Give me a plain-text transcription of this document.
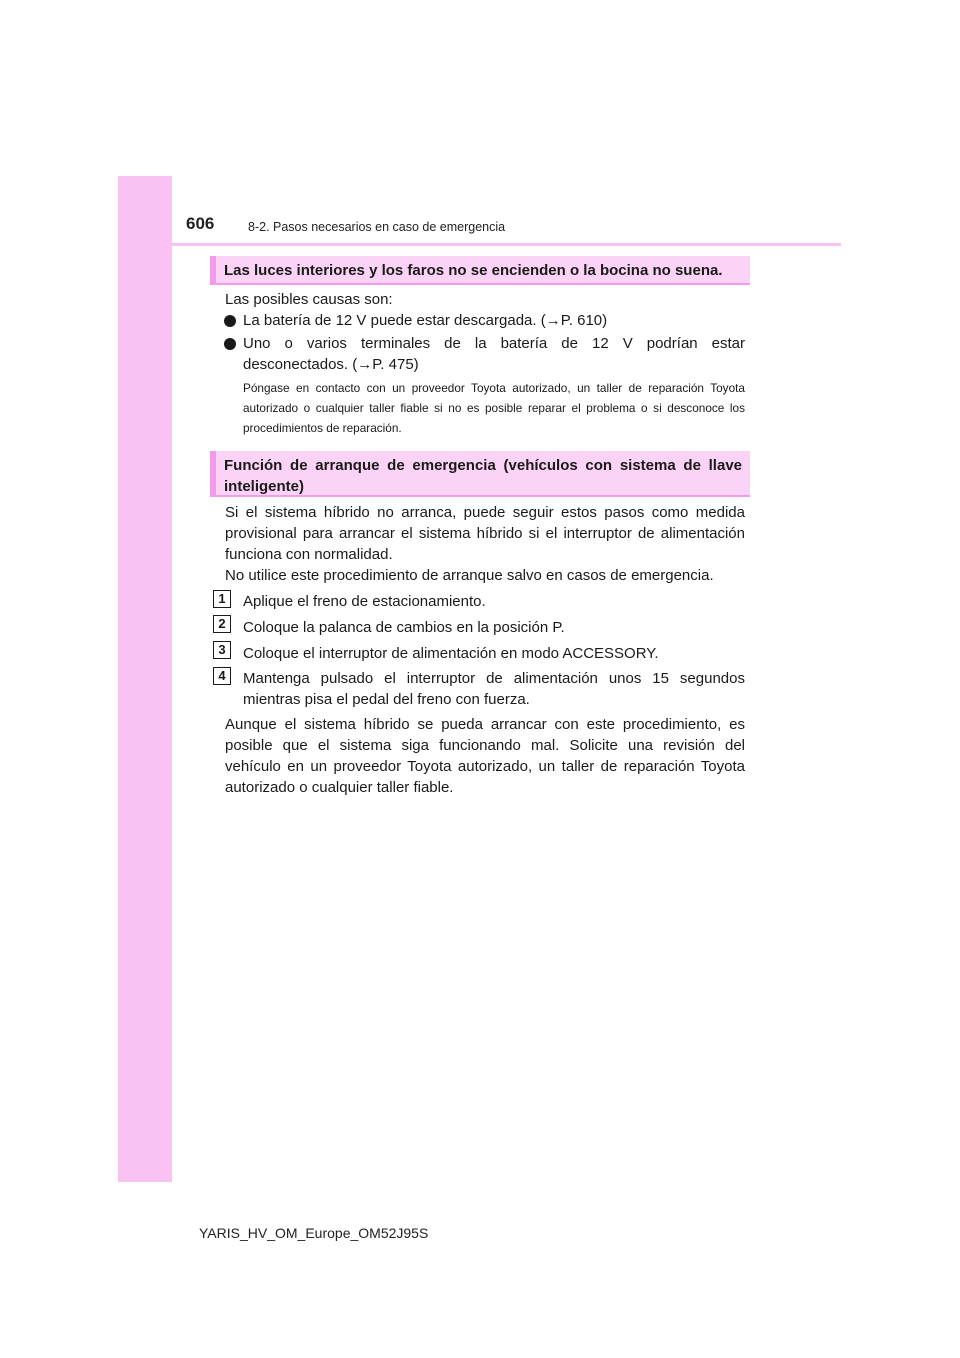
606	8-2. Pasos necesarios en caso de emergencia
Las luces interiores y los faros no se encienden o la bocina no suena.
Las posibles causas son:
La batería de 12 V puede estar descargada. (→P. 610)
Uno o varios terminales de la batería de 12 V podrían estar desconectados. (→P. 475)
Póngase en contacto con un proveedor Toyota autorizado, un taller de reparación Toyota autorizado o cualquier taller fiable si no es posible reparar el problema o si desconoce los procedimientos de reparación.
Función de arranque de emergencia (vehículos con sistema de llave inteligente)
Si el sistema híbrido no arranca, puede seguir estos pasos como medida provisional para arrancar el sistema híbrido si el interruptor de alimentación funciona con normalidad.
No utilice este procedimiento de arranque salvo en casos de emergencia.
1	Aplique el freno de estacionamiento.
2	Coloque la palanca de cambios en la posición P.
3	Coloque el interruptor de alimentación en modo ACCESSORY.
4	Mantenga pulsado el interruptor de alimentación unos 15 segundos mientras pisa el pedal del freno con fuerza.
Aunque el sistema híbrido se pueda arrancar con este procedimiento, es posible que el sistema siga funcionando mal. Solicite una revisión del vehículo en un proveedor Toyota autorizado, un taller de reparación Toyota autorizado o cualquier taller fiable.
YARIS_HV_OM_Europe_OM52J95S
